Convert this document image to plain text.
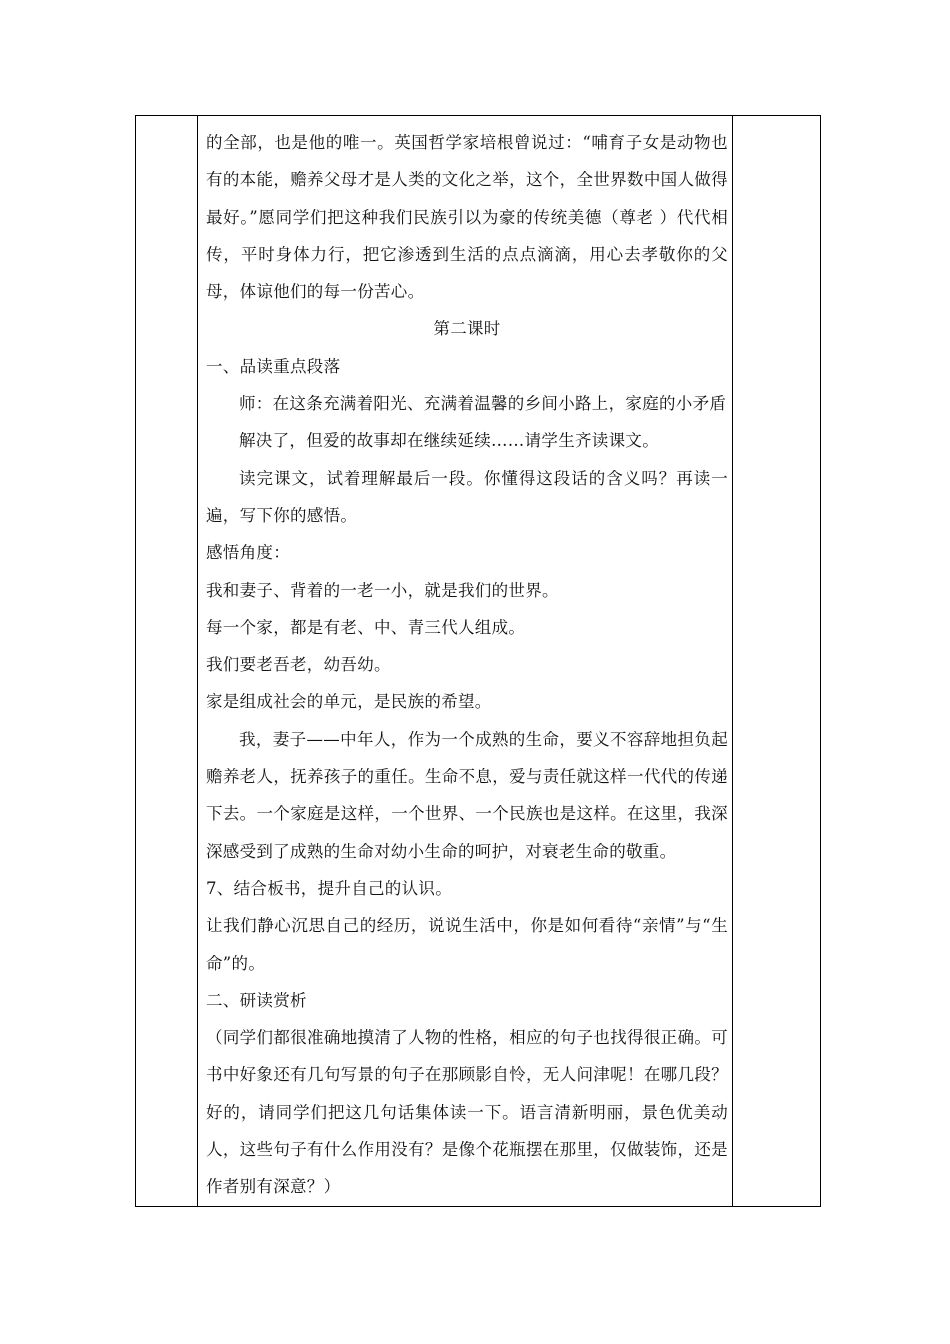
的全部，也是他的唯一。英国哲学家培根曾说过：“哺育子女是动物也有的本能，赡养父母才是人类的文化之举，这个，全世界数中国人做得最好。”愿同学们把这种我们民族引以为豪的传统美德（尊老 ）代代相传，平时身体力行，把它渗透到生活的点点滴滴，用心去孝敬你的父母，体谅他们的每一份苦心。

第二课时

一、品读重点段落

师：在这条充满着阳光、充满着温馨的乡间小路上，家庭的小矛盾

解决了，但爱的故事却在继续延续……请学生齐读课文。

读完课文，试着理解最后一段。你懂得这段话的含义吗？再读一遍，写下你的感悟。

感悟角度：

我和妻子、背着的一老一小，就是我们的世界。

每一个家，都是有老、中、青三代人组成。

我们要老吾老，幼吾幼。

家是组成社会的单元，是民族的希望。

我，妻子——中年人，作为一个成熟的生命，要义不容辞地担负起赡养老人，抚养孩子的重任。生命不息，爱与责任就这样一代代的传递下去。一个家庭是这样，一个世界、一个民族也是这样。在这里，我深深感受到了成熟的生命对幼小生命的呵护，对衰老生命的敬重。

7、结合板书，提升自己的认识。

让我们静心沉思自己的经历，说说生活中，你是如何看待“亲情”与“生命”的。

二、研读赏析

（同学们都很准确地摸清了人物的性格，相应的句子也找得很正确。可书中好象还有几句写景的句子在那顾影自怜，无人问津呢！在哪几段？好的，请同学们把这几句话集体读一下。语言清新明丽，景色优美动人，这些句子有什么作用没有？是像个花瓶摆在那里，仅做装饰，还是作者别有深意？）
